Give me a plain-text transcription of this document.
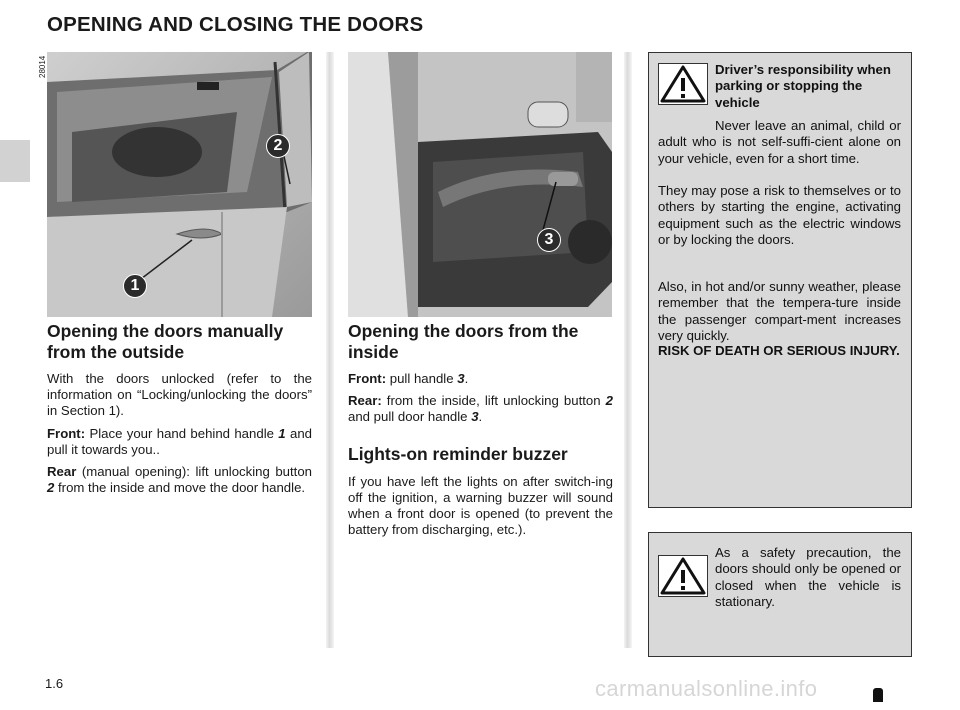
OPENING AND CLOSING THE DOORS
28014
2
1
3
Opening the doors manually from the outside

With the doors unlocked (refer to the information on “Locking/unlocking the doors” in Section 1).

Front: Place your hand behind handle 1 and pull it towards you..

Rear (manual opening): lift unlocking button 2 from the inside and move the door handle.

Opening the doors from the inside

Front: pull handle 3.

Rear: from the inside, lift unlocking button 2 and pull door handle 3.

Lights-on reminder buzzer

If you have left the lights on after switch-ing off the ignition, a warning buzzer will sound when a front door is opened (to prevent the battery from discharging, etc.).

Driver’s responsibility when parking or stopping the vehicle
Never leave an animal, child or adult who is not self-suffi-cient alone on your vehicle, even for a short time.
They may pose a risk to themselves or to others by starting the engine, activating equipment such as the electric windows or by locking the doors.
Also, in hot and/or sunny weather, please remember that the tempera-ture inside the passenger compart-ment increases very quickly.
RISK OF DEATH OR SERIOUS INJURY.
As a safety precaution, the doors should only be opened or closed when the vehicle is stationary.
1.6	carmanualsonline.info
